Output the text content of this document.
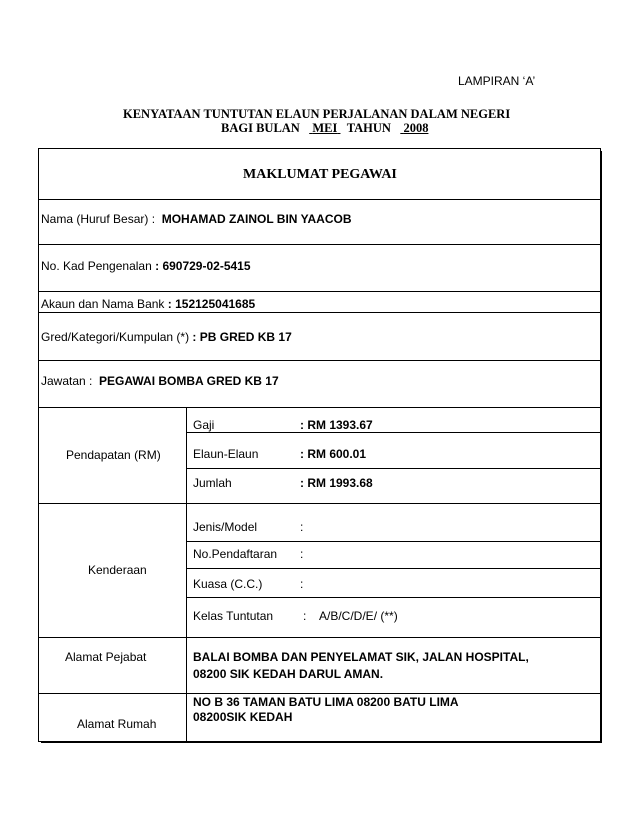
LAMPIRAN ‘A’
KENYATAAN TUNTUTAN ELAUN PERJALANAN DALAM NEGERI
BAGI BULAN MEI TAHUN 2008
MAKLUMAT PEGAWAI
Nama (Huruf Besar) : MOHAMAD ZAINOL BIN YAACOB
No. Kad Pengenalan : 690729-02-5415
Akaun dan Nama Bank : 152125041685
Gred/Kategori/Kumpulan (*) : PB GRED KB 17
Jawatan : PEGAWAI BOMBA GRED KB 17
Pendapatan (RM)
Gaji	: RM 1393.67
Elaun-Elaun	: RM 600.01
Jumlah	: RM 1993.68
Kenderaan
Jenis/Model	:
No.Pendaftaran :
Kuasa (C.C.)	:
Kelas Tuntutan :    A/B/C/D/E/ (**)
Alamat Pejabat	BALAI BOMBA DAN PENYELAMAT SIK, JALAN HOSPITAL,
08200 SIK KEDAH DARUL AMAN.
Alamat Rumah
NO B 36 TAMAN BATU LIMA 08200 BATU LIMA
08200SIK KEDAH
